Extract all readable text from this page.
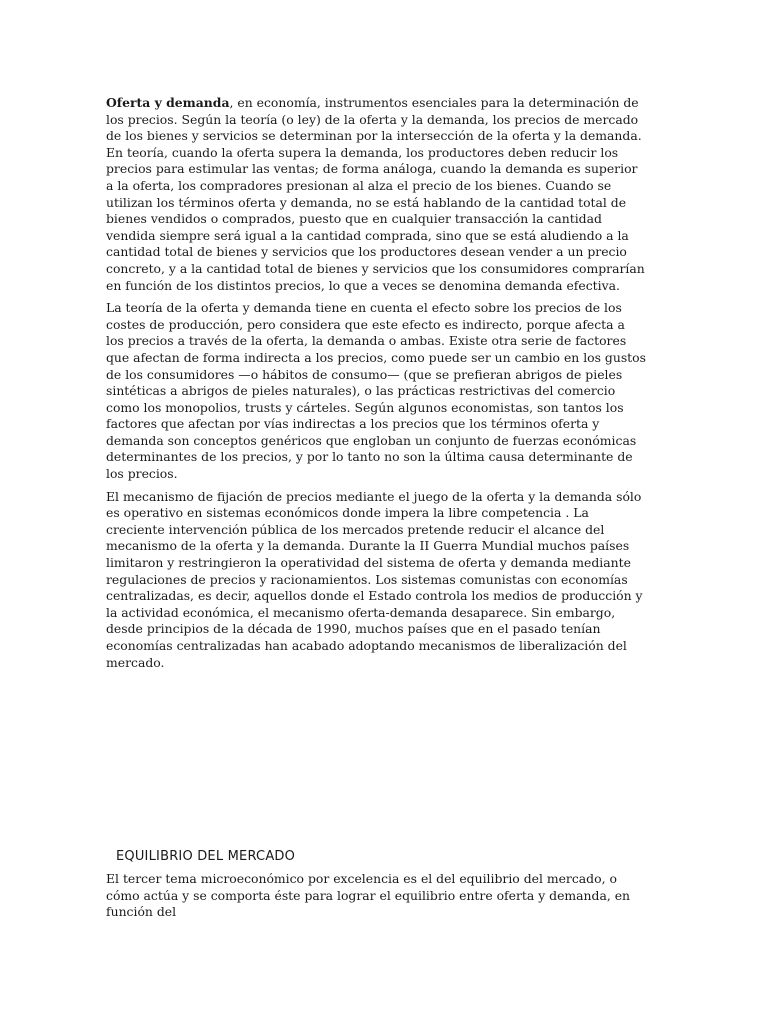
Oferta y demanda, en economía, instrumentos esenciales para la determinación de los precios. Según la teoría (o ley) de la oferta y la demanda, los precios de mercado de los bienes y servicios se determinan por la intersección de la oferta y la demanda. En teoría, cuando la oferta supera la demanda, los productores deben reducir los precios para estimular las ventas; de forma análoga, cuando la demanda es superior a la oferta, los compradores presionan al alza el precio de los bienes. Cuando se utilizan los términos oferta y demanda, no se está hablando de la cantidad total de bienes vendidos o comprados, puesto que en cualquier transacción la cantidad vendida siempre será igual a la cantidad comprada, sino que se está aludiendo a la cantidad total de bienes y servicios que los productores desean vender a un precio concreto, y a la cantidad total de bienes y servicios que los consumidores comprarían en función de los distintos precios, lo que a veces se denomina demanda efectiva.

La teoría de la oferta y demanda tiene en cuenta el efecto sobre los precios de los costes de producción, pero considera que este efecto es indirecto, porque afecta a los precios a través de la oferta, la demanda o ambas. Existe otra serie de factores que afectan de forma indirecta a los precios, como puede ser un cambio en los gustos de los consumidores —o hábitos de consumo— (que se prefieran abrigos de pieles sintéticas a abrigos de pieles naturales), o las prácticas restrictivas del comercio como los monopolios, trusts y cárteles. Según algunos economistas, son tantos los factores que afectan por vías indirectas a los precios que los términos oferta y demanda son conceptos genéricos que engloban un conjunto de fuerzas económicas determinantes de los precios, y por lo tanto no son la última causa determinante de los precios.

El mecanismo de fijación de precios mediante el juego de la oferta y la demanda sólo es operativo en sistemas económicos donde impera la libre competencia . La creciente intervención pública de los mercados pretende reducir el alcance del mecanismo de la oferta y la demanda. Durante la II Guerra Mundial muchos países limitaron y restringieron la operatividad del sistema de oferta y demanda mediante regulaciones de precios y racionamientos. Los sistemas comunistas con economías centralizadas, es decir, aquellos donde el Estado controla los medios de producción y la actividad económica, el mecanismo oferta-demanda desaparece. Sin embargo, desde principios de la década de 1990, muchos países que en el pasado tenían economías centralizadas han acabado adoptando mecanismos de liberalización del mercado.

EQUILIBRIO DEL MERCADO

El tercer tema microeconómico por excelencia es el del equilibrio del mercado, o cómo actúa y se comporta éste para lograr el equilibrio entre oferta y demanda, en función del
